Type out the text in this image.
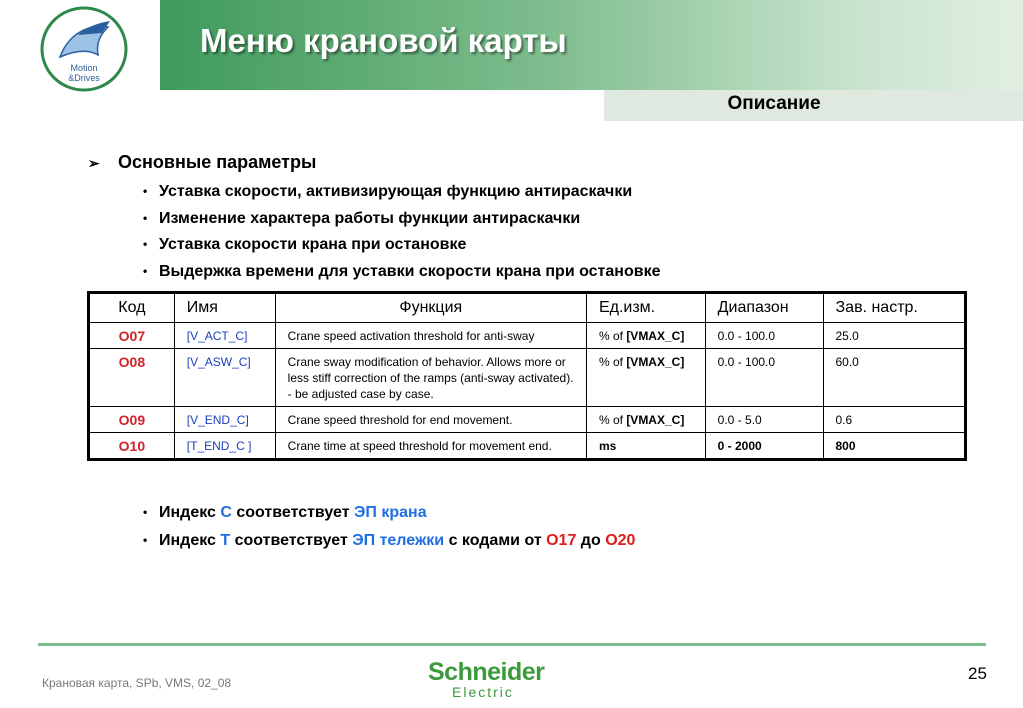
Motion
&Drives
Меню крановой карты
Описание
➢ Основные параметры
• Уставка скорости, активизирующая функцию антираскачки
• Изменение характера работы функции антираскачки
• Уставка скорости крана при остановке
• Выдержка времени для уставки скорости крана при остановке
Код	Имя	Функция	Ед.изм.	Диапазон	Зав. настр.
O07	[V_ACT_C]	Crane speed activation threshold for anti-sway	% of [VMAX_C]	0.0 - 100.0	25.0
O08	[V_ASW_C]	Crane sway modification of behavior. Allows more or less stiff correction of the ramps (anti-sway activated). - be adjusted case by case.	% of [VMAX_C]	0.0 - 100.0	60.0
O09	[V_END_C]	Crane speed threshold for end movement.	% of [VMAX_C]	0.0 - 5.0	0.6
O10	[T_END_C ]	Crane time at speed threshold for movement end.	ms	0 - 2000	800
• Индекс С соответствует ЭП крана
• Индекс Т соответствует ЭП тележки с кодами от O17 до O20
Крановая карта, SPb, VMS, 02_08	Schneider
Electric
25
